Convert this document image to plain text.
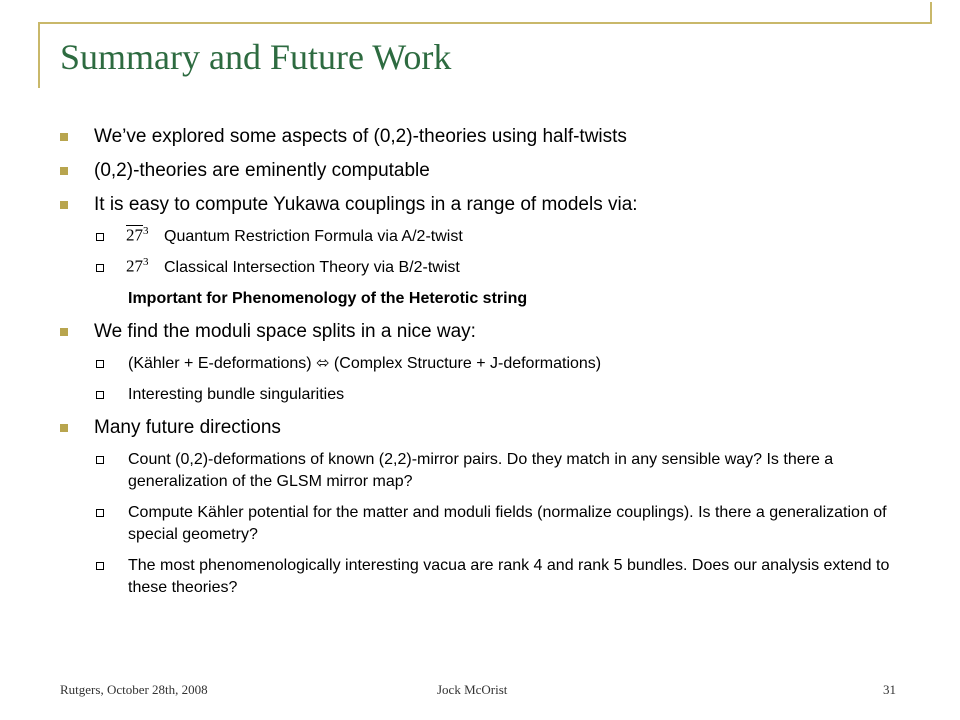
Summary and Future Work
We’ve explored some aspects of (0,2)-theories using half-twists
(0,2)-theories are eminently computable
It is easy to compute Yukawa couplings in a range of models via:
$27^3$ Quantum Restriction Formula via A/2-twist
$27^3$ Classical Intersection Theory via B/2-twist
Important for Phenomenology of the Heterotic string
We find the moduli space splits in a nice way:
(Kähler + E-deformations) ⬄ (Complex Structure + J-deformations)
Interesting bundle singularities
Many future directions
Count (0,2)-deformations of known (2,2)-mirror pairs. Do they match in any sensible way? Is there a generalization of the GLSM mirror map?
Compute Kähler potential for the matter and moduli fields (normalize couplings). Is there a generalization of special geometry?
The most phenomenologically interesting vacua are rank 4 and rank 5 bundles. Does our analysis extend to these theories?
Rutgers, October 28th, 2008	Jock McOrist	31
